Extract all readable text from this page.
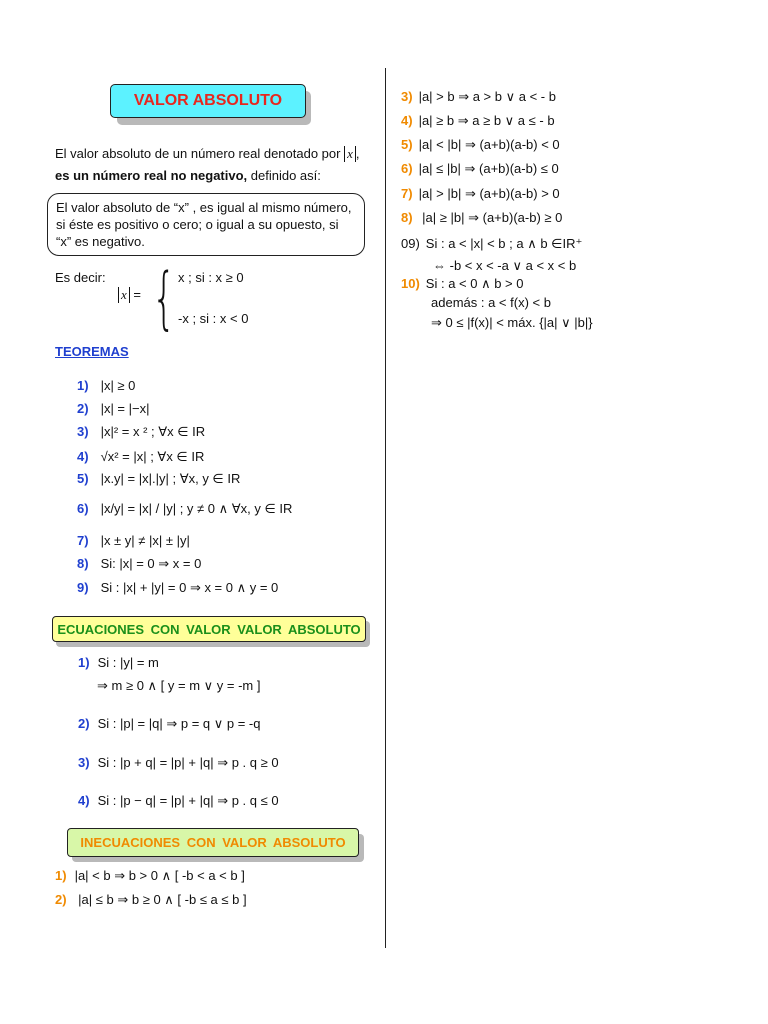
VALOR ABSOLUTO
El valor absoluto de un número real denotado por x ,
es un número real no negativo, definido así:
El valor absoluto de “x” , es igual al mismo número, si éste es positivo o cero; o igual a su opuesto, si “x” es negativo.
Es decir:
x = { x ; si : x ≥ 0
-x ; si : x < 0
TEOREMAS
1) |x| ≥ 0
2) |x| = |−x|
3) |x|² = x ² ; ∀x ∈ IR
4) √x² = |x| ; ∀x ∈ IR
5) |x.y| = |x|.|y| ; ∀x, y ∈ IR
6) |x/y| = |x| / |y| ; y ≠ 0 ∧ ∀x, y ∈ IR
7) |x ± y| ≠ |x| ± |y|
8) Si: |x| = 0 ⇒ x = 0
9) Si : |x| + |y| = 0 ⇒ x = 0 ∧ y = 0
ECUACIONES CON VALOR VALOR ABSOLUTO
1) Si : |y| = m
⇒ m ≥ 0 ∧ [ y = m ∨ y = -m ]
2) Si : |p| = |q| ⇒ p = q ∨ p = -q
3) Si : |p + q| = |p| + |q| ⇒ p . q ≥ 0
4) Si : |p − q| = |p| + |q| ⇒ p . q ≤ 0
INECUACIONES CON VALOR ABSOLUTO
1) |a| < b ⇒ b > 0 ∧ [ -b < a < b ]
2) |a| ≤ b ⇒ b ≥ 0 ∧ [ -b ≤ a ≤ b ]
3) |a| > b ⇒ a > b ∨ a < - b
4) |a| ≥ b ⇒ a ≥ b ∨ a ≤ - b
5) |a| < |b| ⇒ (a+b)(a-b) < 0
6) |a| ≤ |b| ⇒ (a+b)(a-b) ≤ 0
7) |a| > |b| ⇒ (a+b)(a-b) > 0
8) |a| ≥ |b| ⇒ (a+b)(a-b) ≥ 0
09) Si : a < |x| < b ; a ∧ b ∈IR⁺
⇔ -b < x < -a ∨ a < x < b
10) Si : a < 0 ∧ b > 0
además : a < f(x) < b
⇒ 0 ≤ |f(x)| < máx. {|a| ∨ |b|}
